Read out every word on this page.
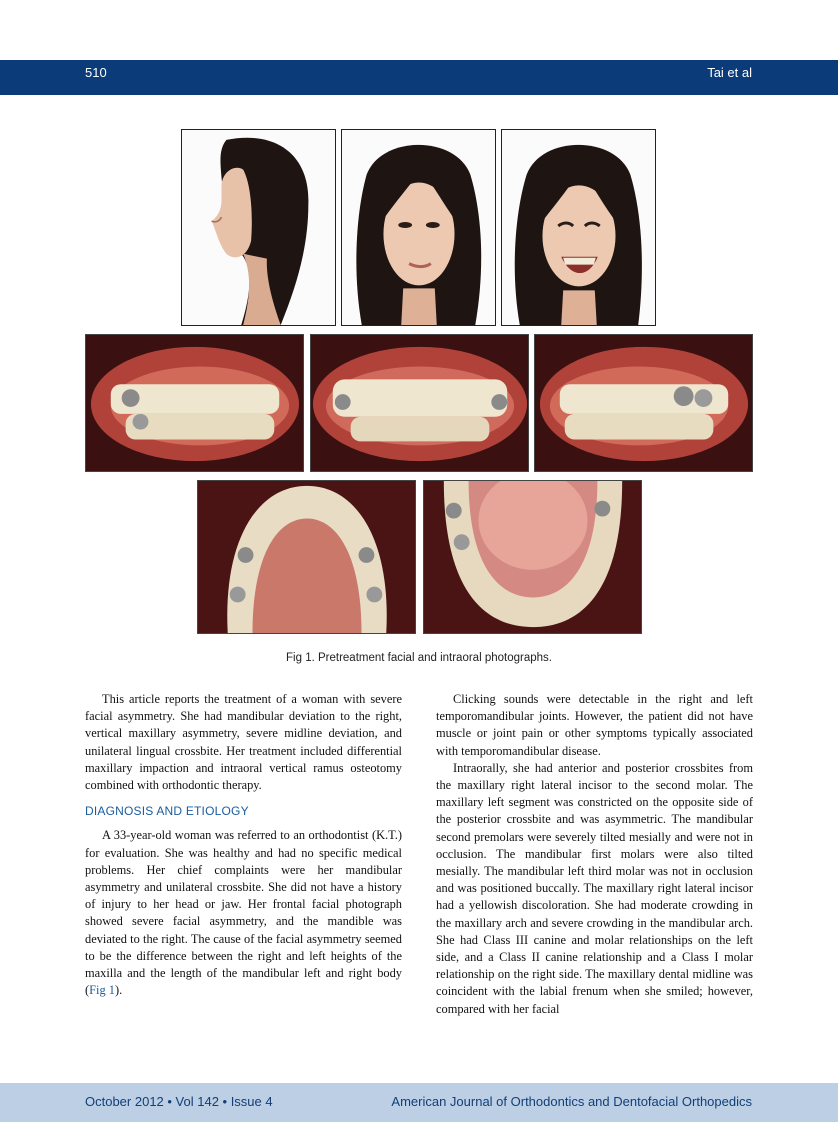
510	Tai et al
Fig 1. Pretreatment facial and intraoral photographs.

This article reports the treatment of a woman with severe facial asymmetry. She had mandibular deviation to the right, vertical maxillary asymmetry, severe midline deviation, and unilateral lingual crossbite. Her treatment included differential maxillary impaction and intraoral vertical ramus osteotomy combined with orthodontic therapy.

DIAGNOSIS AND ETIOLOGY

A 33-year-old woman was referred to an orthodontist (K.T.) for evaluation. She was healthy and had no specific medical problems. Her chief complaints were her mandibular asymmetry and unilateral crossbite. She did not have a history of injury to her head or jaw. Her frontal facial photograph showed severe facial asymmetry, and the mandible was deviated to the right. The cause of the facial asymmetry seemed to be the difference between the right and left heights of the maxilla and the length of the mandibular left and right body (Fig 1).

Clicking sounds were detectable in the right and left temporomandibular joints. However, the patient did not have muscle or joint pain or other symptoms typically associated with temporomandibular disease.

Intraorally, she had anterior and posterior crossbites from the maxillary right lateral incisor to the second molar. The maxillary left segment was constricted on the opposite side of the posterior crossbite and was asymmetric. The mandibular second premolars were severely tilted mesially and were not in occlusion. The mandibular first molars were also tilted mesially. The mandibular left third molar was not in occlusion and was positioned buccally. The maxillary right lateral incisor had a yellowish discoloration. She had moderate crowding in the maxillary arch and severe crowding in the mandibular arch. She had Class III canine and molar relationships on the left side, and a Class II canine relationship and a Class I molar relationship on the right side. The maxillary dental midline was coincident with the labial frenum when she smiled; however, compared with her facial

October 2012 • Vol 142 • Issue 4	American Journal of Orthodontics and Dentofacial Orthopedics
